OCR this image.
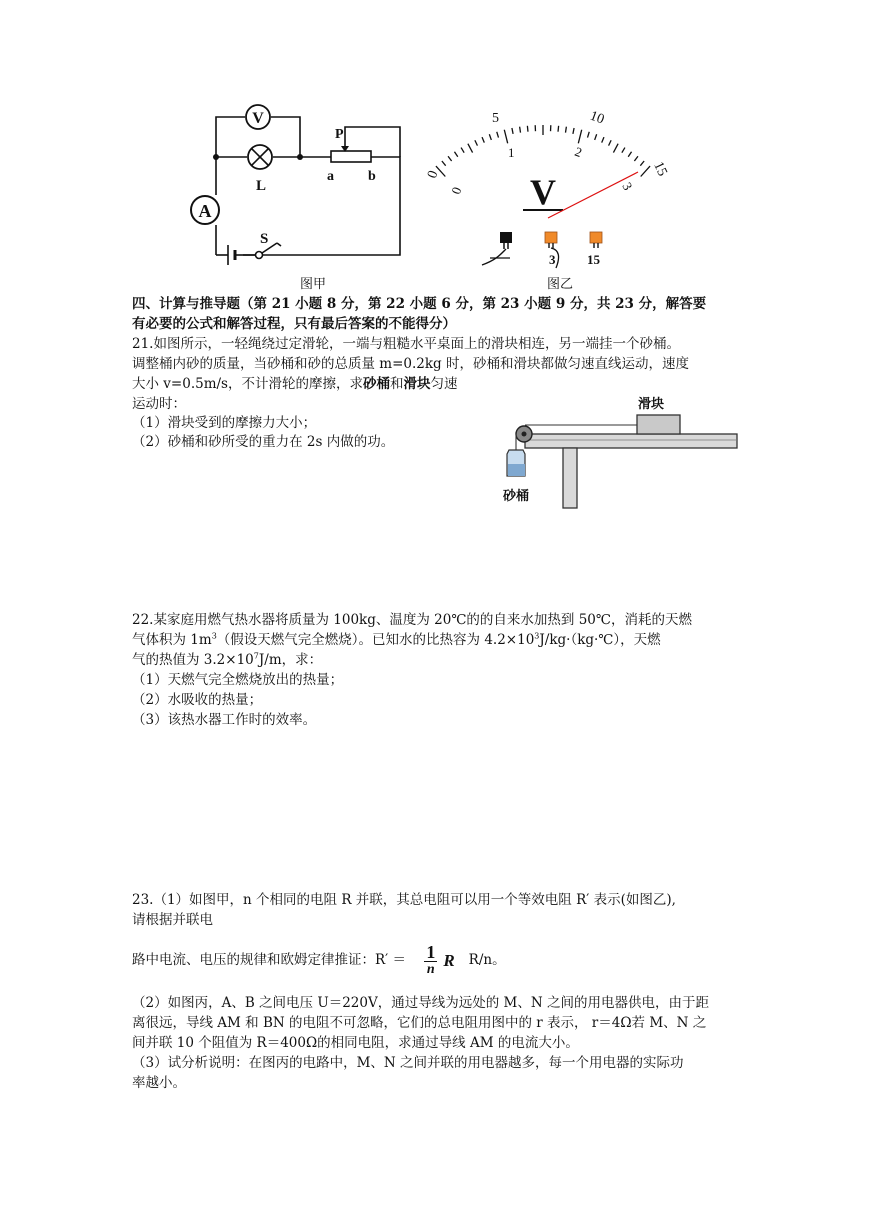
V
L
P
a b
A
S
图甲
0
5	10
15
0
1	2
3
V
3 15
图乙
四、计算与推导题（第 21 小题 8 分，第 22 小题 6 分，第 23 小题 9 分，共 23 分，解答要
有必要的公式和解答过程，只有最后答案的不能得分）
21.如图所示，一轻绳绕过定滑轮，一端与粗糙水平桌面上的滑块相连，另一端挂一个砂桶。
调整桶内砂的质量，当砂桶和砂的总质量 m=0.2kg 时，砂桶和滑块都做匀速直线运动，速度
大小 v=0.5m/s，不计滑轮的摩擦，求砂桶和滑块匀速
运动时：
（1）滑块受到的摩擦力大小；
（2）砂桶和砂所受的重力在 2s 内做的功。
滑块
砂桶
22.某家庭用燃气热水器将质量为 100kg、温度为 20℃的的自来水加热到 50℃，消耗的天燃
气体积为 $1m^3$（假设天燃气完全燃烧）。已知水的比热容为 $4.2\times 10^3J/kg\cdot(kg\cdot℃)$，天燃
气的热值为 $3.2\times 10^7J/m$，求：
（1）天燃气完全燃烧放出的热量；
（2）水吸收的热量；
（3）该热水器工作时的效率。
23.（1）如图甲，n 个相同的电阻 R 并联，其总电阻可以用一个等效电阻 R′ 表示(如图乙),
请根据并联电
路中电流、电压的规律和欧姆定律推证：$R' = \frac{1}{n}$ R R/n。
（2）如图丙，A、B 之间电压 U＝220V，通过导线为远处的 M、N 之间的用电器供电，由于距
离很远，导线 AM 和 BN 的电阻不可忽略，它们的总电阻用图中的 r 表示， r＝4Ω若 M、N 之
间并联 10 个阻值为 R＝400Ω的相同电阻，求通过导线 AM 的电流大小。
（3）试分析说明：在图丙的电路中，M、N 之间并联的用电器越多，每一个用电器的实际功
率越小。
